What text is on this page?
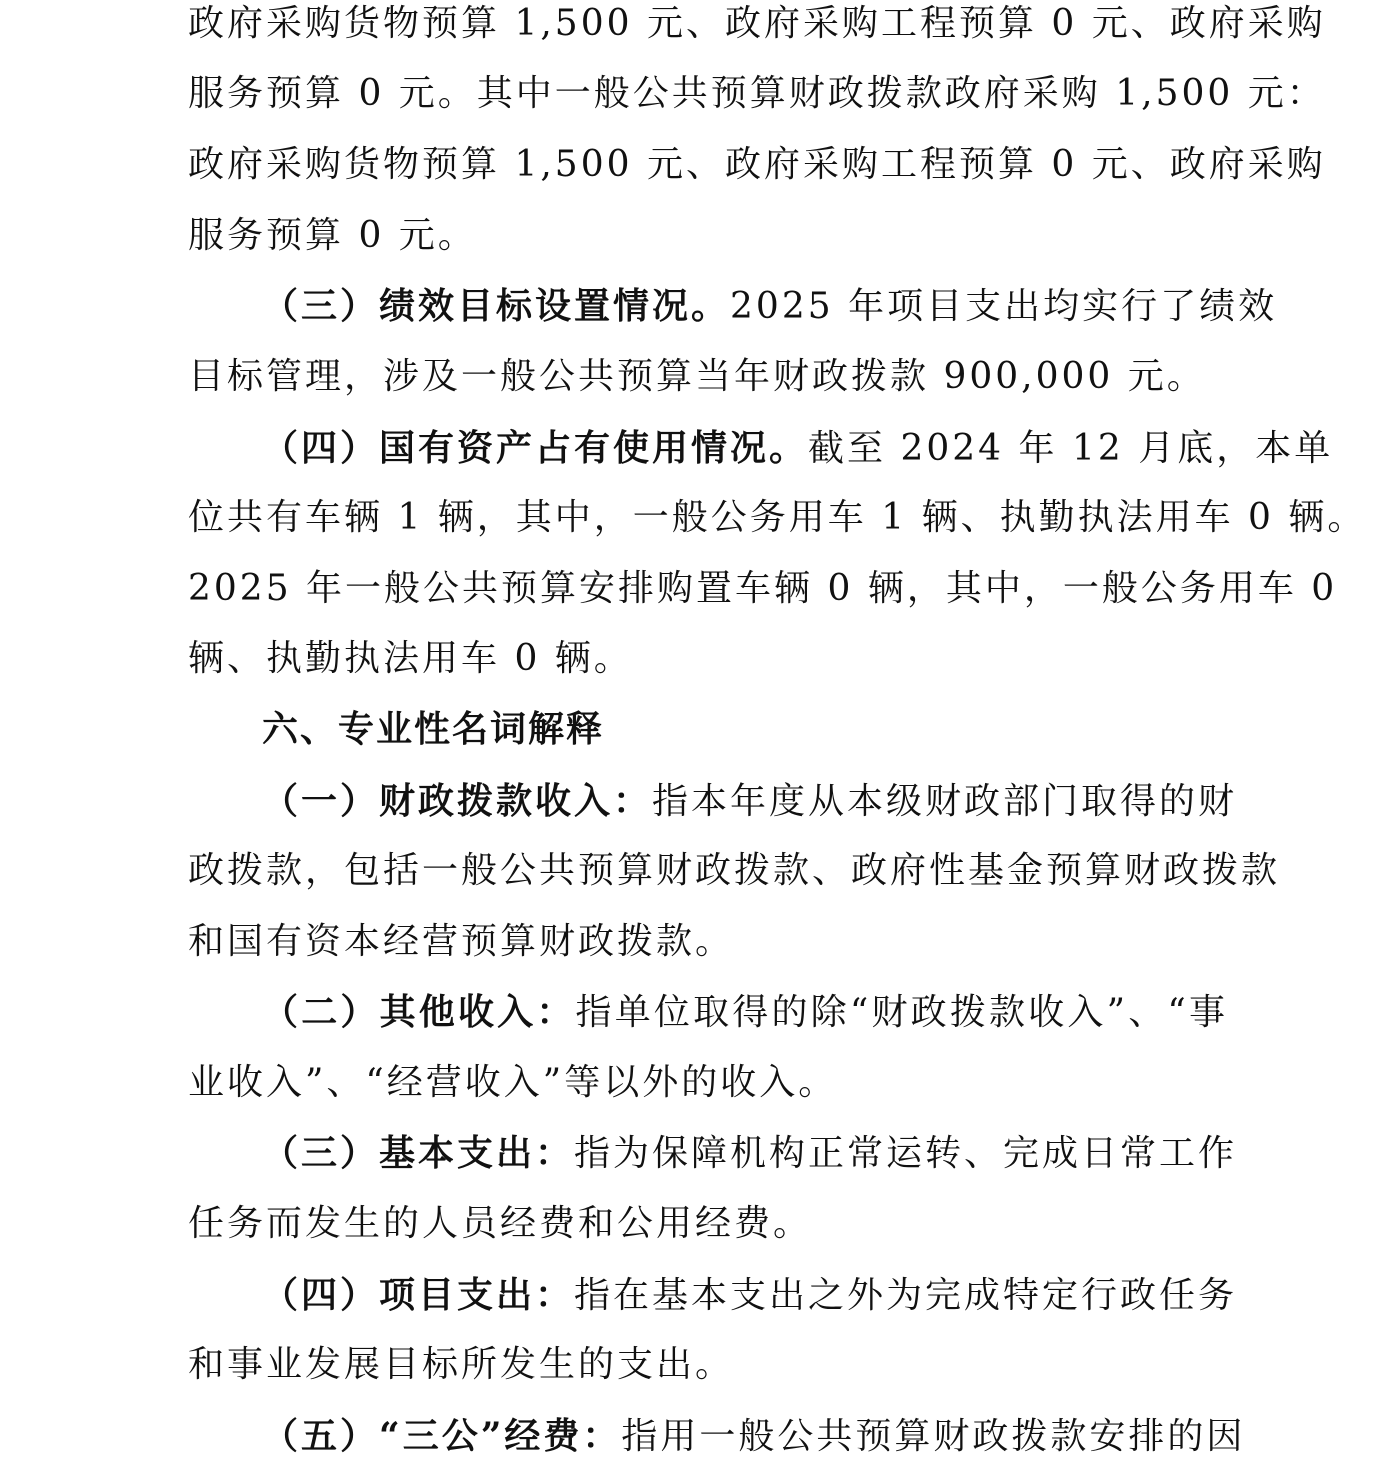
政府采购货物预算 1,500 元、政府采购工程预算 0 元、政府采购
服务预算 0 元。其中一般公共预算财政拨款政府采购 1,500 元：
政府采购货物预算 1,500 元、政府采购工程预算 0 元、政府采购
服务预算 0 元。
（三）绩效目标设置情况。2025 年项目支出均实行了绩效
目标管理，涉及一般公共预算当年财政拨款 900,000 元。
（四）国有资产占有使用情况。截至 2024 年 12 月底，本单
位共有车辆 1 辆，其中，一般公务用车 1 辆、执勤执法用车 0 辆。
2025 年一般公共预算安排购置车辆 0 辆，其中，一般公务用车 0
辆、执勤执法用车 0 辆。
六、专业性名词解释
（一）财政拨款收入：指本年度从本级财政部门取得的财
政拨款，包括一般公共预算财政拨款、政府性基金预算财政拨款
和国有资本经营预算财政拨款。
（二）其他收入：指单位取得的除“财政拨款收入”、“事
业收入”、“经营收入”等以外的收入。
（三）基本支出：指为保障机构正常运转、完成日常工作
任务而发生的人员经费和公用经费。
（四）项目支出：指在基本支出之外为完成特定行政任务
和事业发展目标所发生的支出。
（五）“三公”经费：指用一般公共预算财政拨款安排的因
